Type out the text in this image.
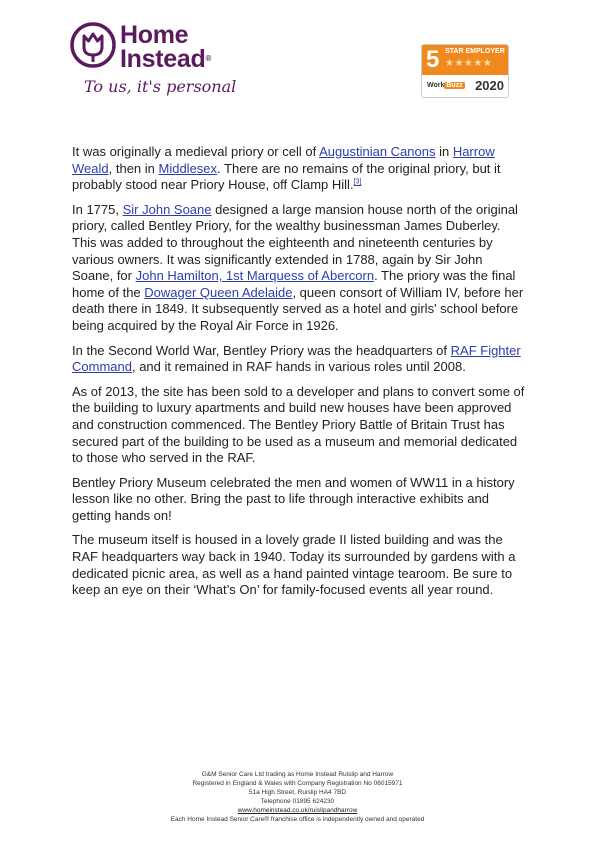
Home
Instead®
To us, it's personal
5 STAR EMPLOYER
★★★★★
Work Buzz 2020

It was originally a medieval priory or cell of Augustinian Canons in Harrow Weald, then in Middlesex. There are no remains of the original priory, but it probably stood near Priory House, off Clamp Hill.[3]

In 1775, Sir John Soane designed a large mansion house north of the original priory, called Bentley Priory, for the wealthy businessman James Duberley. This was added to throughout the eighteenth and nineteenth centuries by various owners. It was significantly extended in 1788, again by Sir John Soane, for John Hamilton, 1st Marquess of Abercorn. The priory was the final home of the Dowager Queen Adelaide, queen consort of William IV, before her death there in 1849. It subsequently served as a hotel and girls' school before being acquired by the Royal Air Force in 1926.

In the Second World War, Bentley Priory was the headquarters of RAF Fighter Command, and it remained in RAF hands in various roles until 2008.

As of 2013, the site has been sold to a developer and plans to convert some of the building to luxury apartments and build new houses have been approved and construction commenced. The Bentley Priory Battle of Britain Trust has secured part of the building to be used as a museum and memorial dedicated to those who served in the RAF.

Bentley Priory Museum celebrated the men and women of WW11 in a history lesson like no other. Bring the past to life through interactive exhibits and getting hands on!

The museum itself is housed in a lovely grade II listed building and was the RAF headquarters way back in 1940. Today its surrounded by gardens with a dedicated picnic area, as well as a hand painted vintage tearoom. Be sure to keep an eye on their ‘What’s On’ for family-focused events all year round.

G&M Senior Care Ltd trading as Home Instead Ruislip and Harrow
Registered in England & Wales with Company Registration No 06015971
51a High Street, Ruislip HA4 7BD
Telephone 01895 624230
www.homeinstead.co.uk/ruislipandharrow
Each Home Instead Senior Care® franchise office is independently owned and operated
